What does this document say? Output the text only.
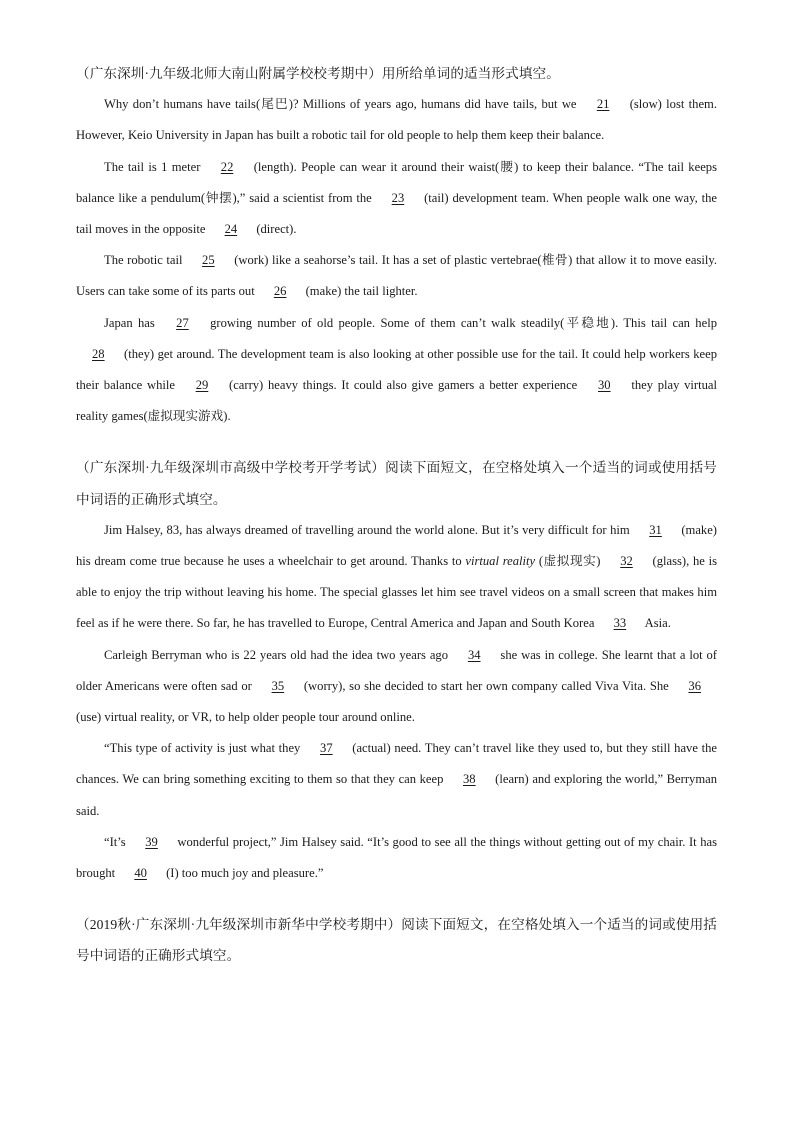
（广东深圳·九年级北师大南山附属学校校考期中）用所给单词的适当形式填空。

Why don’t humans have tails(尾巴)? Millions of years ago, humans did have tails, but we 21 (slow) lost them. However, Keio University in Japan has built a robotic tail for old people to help them keep their balance.

The tail is 1 meter 22 (length). People can wear it around their waist(腰) to keep their balance. “The tail keeps balance like a pendulum(钟摆),” said a scientist from the 23 (tail) development team. When people walk one way, the tail moves in the opposite 24 (direct).

The robotic tail 25 (work) like a seahorse’s tail. It has a set of plastic vertebrae(椎骨) that allow it to move easily. Users can take some of its parts out 26 (make) the tail lighter.

Japan has 27 growing number of old people. Some of them can’t walk steadily(平稳地). This tail can help 28 (they) get around. The development team is also looking at other possible use for the tail. It could help workers keep their balance while 29 (carry) heavy things. It could also give gamers a better experience 30 they play virtual reality games(虚拟现实游戏).

（广东深圳·九年级深圳市高级中学校考开学考试）阅读下面短文，在空格处填入一个适当的词或使用括号中词语的正确形式填空。

Jim Halsey, 83, has always dreamed of travelling around the world alone. But it’s very difficult for him 31 (make) his dream come true because he uses a wheelchair to get around. Thanks to virtual reality (虚拟现实) 32 (glass), he is able to enjoy the trip without leaving his home. The special glasses let him see travel videos on a small screen that makes him feel as if he were there. So far, he has travelled to Europe, Central America and Japan and South Korea 33 Asia.

Carleigh Berryman who is 22 years old had the idea two years ago 34 she was in college. She learnt that a lot of older Americans were often sad or 35 (worry), so she decided to start her own company called Viva Vita. She 36 (use) virtual reality, or VR, to help older people tour around online.

“This type of activity is just what they 37 (actual) need. They can’t travel like they used to, but they still have the chances. We can bring something exciting to them so that they can keep 38 (learn) and exploring the world,” Berryman said.

“It’s 39 wonderful project,” Jim Halsey said. “It’s good to see all the things without getting out of my chair. It has brought 40 (I) too much joy and pleasure.”

（2019秋·广东深圳·九年级深圳市新华中学校考期中）阅读下面短文，在空格处填入一个适当的词或使用括号中词语的正确形式填空。
